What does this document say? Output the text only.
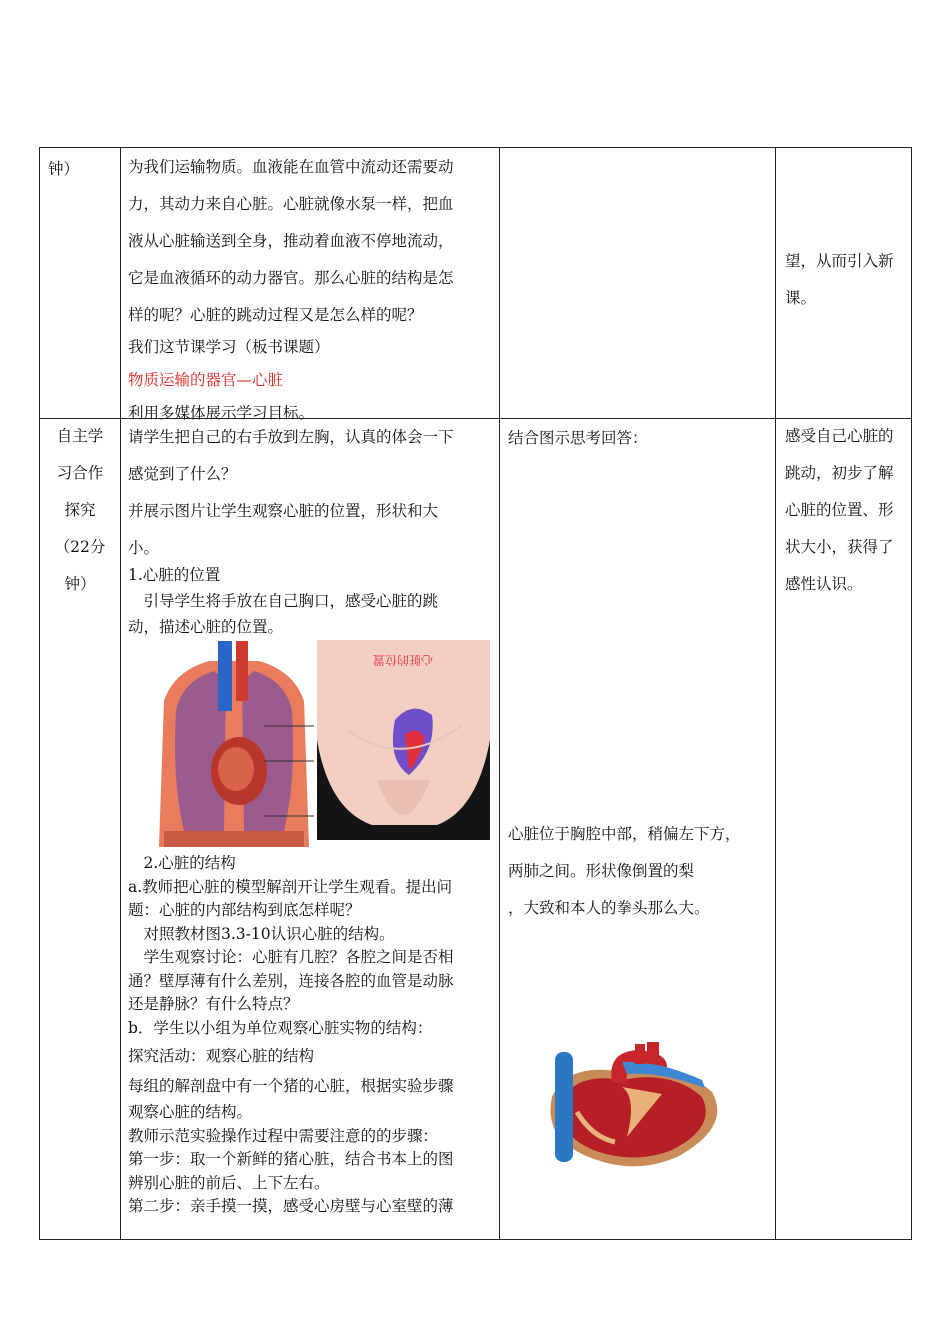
钟）	为我们运输物质。血液能在血管中流动还需要动

力，其动力来自心脏。心脏就像水泵一样，把血

液从心脏输送到全身，推动着血液不停地流动，

它是血液循环的动力器官。那么心脏的结构是怎

样的呢？心脏的跳动过程又是怎么样的呢？

我们这节课学习（板书课题）

物质运输的器官—心脏

利用多媒体展示学习目标。

望，从而引入新

课。

自主学

习合作

探究

（22分

钟）

请学生把自己的右手放到左胸，认真的体会一下

感觉到了什么？

并展示图片让学生观察心脏的位置，形状和大

小。

1.心脏的位置

　引导学生将手放在自己胸口，感受心脏的跳

动，描述心脏的位置。

心脏的位置

　2.心脏的结构

a.教师把心脏的模型解剖开让学生观看。提出问

题：心脏的内部结构到底怎样呢？

　对照教材图3.3-10认识心脏的结构。

　学生观察讨论：心脏有几腔？各腔之间是否相

通？壁厚薄有什么差别，连接各腔的血管是动脉

还是静脉？有什么特点？

b．学生以小组为单位观察心脏实物的结构：

探究活动：观察心脏的结构

每组的解剖盘中有一个猪的心脏，根据实验步骤

观察心脏的结构。

教师示范实验操作过程中需要注意的的步骤：

第一步：取一个新鲜的猪心脏，结合书本上的图

辨别心脏的前后、上下左右。

第二步：亲手摸一摸，感受心房壁与心室壁的薄

结合图示思考回答：

心脏位于胸腔中部，稍偏左下方，

两肺之间。形状像倒置的梨

，大致和本人的拳头那么大。

感受自己心脏的

跳动，初步了解

心脏的位置、形

状大小，获得了

感性认识。
